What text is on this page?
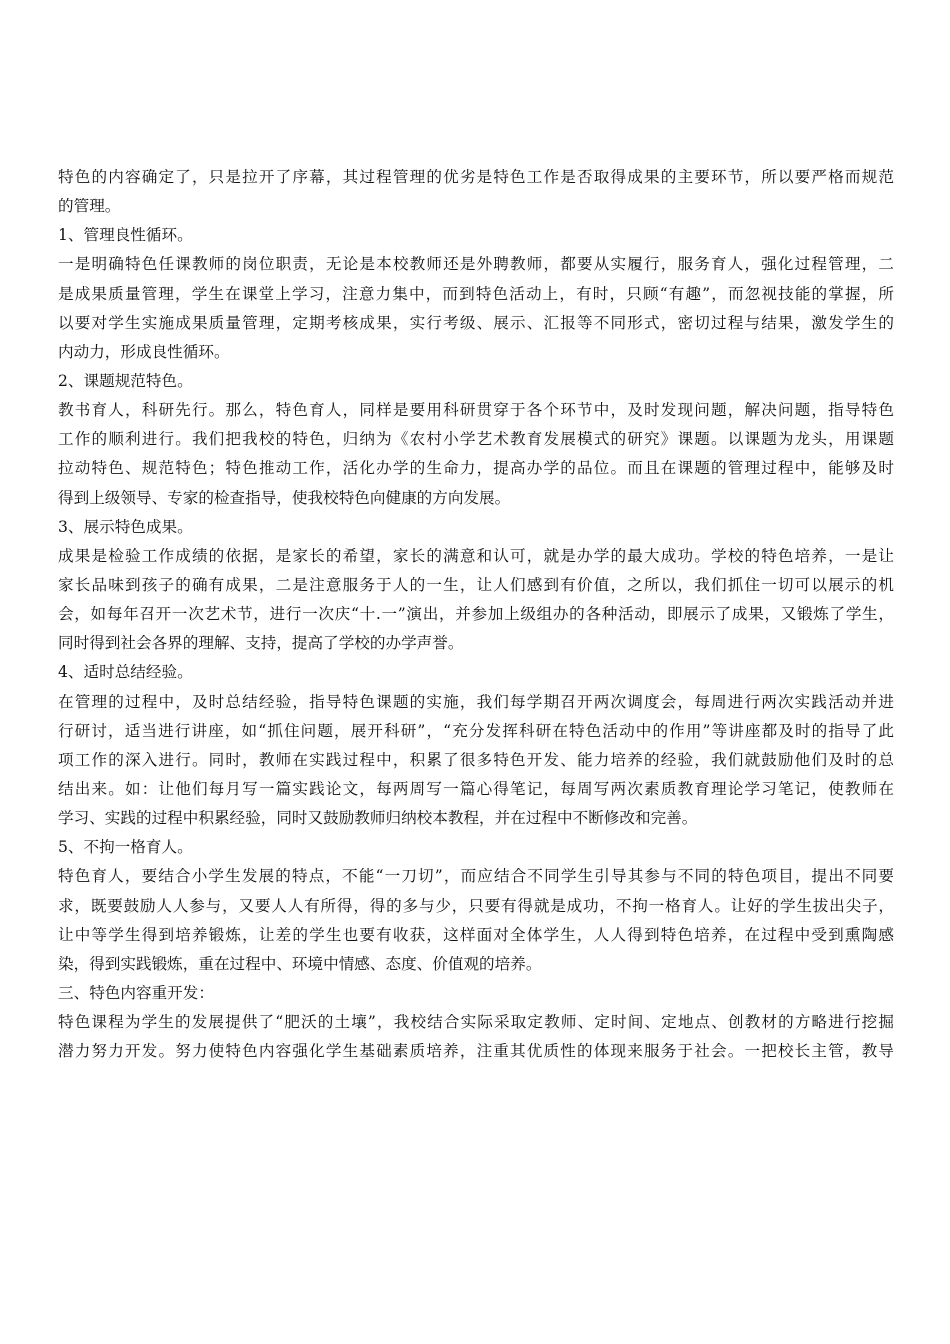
特色的内容确定了，只是拉开了序幕，其过程管理的优劣是特色工作是否取得成果的主要环节，所以要严格而规范
的管理。
1、管理良性循环。
一是明确特色任课教师的岗位职责，无论是本校教师还是外聘教师，都要从实履行，服务育人，强化过程管理，二
是成果质量管理，学生在课堂上学习，注意力集中，而到特色活动上，有时，只顾“有趣”，而忽视技能的掌握，所
以要对学生实施成果质量管理，定期考核成果，实行考级、展示、汇报等不同形式，密切过程与结果，激发学生的
内动力，形成良性循环。
2、课题规范特色。
教书育人，科研先行。那么，特色育人，同样是要用科研贯穿于各个环节中，及时发现问题，解决问题，指导特色
工作的顺利进行。我们把我校的特色，归纳为《农村小学艺术教育发展模式的研究》课题。以课题为龙头，用课题
拉动特色、规范特色；特色推动工作，活化办学的生命力，提高办学的品位。而且在课题的管理过程中，能够及时
得到上级领导、专家的检查指导，使我校特色向健康的方向发展。
3、展示特色成果。
成果是检验工作成绩的依据，是家长的希望，家长的满意和认可，就是办学的最大成功。学校的特色培养，一是让
家长品味到孩子的确有成果，二是注意服务于人的一生，让人们感到有价值，之所以，我们抓住一切可以展示的机
会，如每年召开一次艺术节，进行一次庆“十.一”演出，并参加上级组办的各种活动，即展示了成果，又锻炼了学生，
同时得到社会各界的理解、支持，提高了学校的办学声誉。
4、适时总结经验。
在管理的过程中，及时总结经验，指导特色课题的实施，我们每学期召开两次调度会，每周进行两次实践活动并进
行研讨，适当进行讲座，如“抓住问题，展开科研”，“充分发挥科研在特色活动中的作用”等讲座都及时的指导了此
项工作的深入进行。同时，教师在实践过程中，积累了很多特色开发、能力培养的经验，我们就鼓励他们及时的总
结出来。如：让他们每月写一篇实践论文，每两周写一篇心得笔记，每周写两次素质教育理论学习笔记，使教师在
学习、实践的过程中积累经验，同时又鼓励教师归纳校本教程，并在过程中不断修改和完善。
5、不拘一格育人。
特色育人，要结合小学生发展的特点，不能“一刀切”，而应结合不同学生引导其参与不同的特色项目，提出不同要
求，既要鼓励人人参与，又要人人有所得，得的多与少，只要有得就是成功，不拘一格育人。让好的学生拔出尖子，
让中等学生得到培养锻炼，让差的学生也要有收获，这样面对全体学生，人人得到特色培养，在过程中受到熏陶感
染，得到实践锻炼，重在过程中、环境中情感、态度、价值观的培养。
三、特色内容重开发：
特色课程为学生的发展提供了“肥沃的土壤”，我校结合实际采取定教师、定时间、定地点、创教材的方略进行挖掘
潜力努力开发。努力使特色内容强化学生基础素质培养，注重其优质性的体现来服务于社会。一把校长主管，教导
